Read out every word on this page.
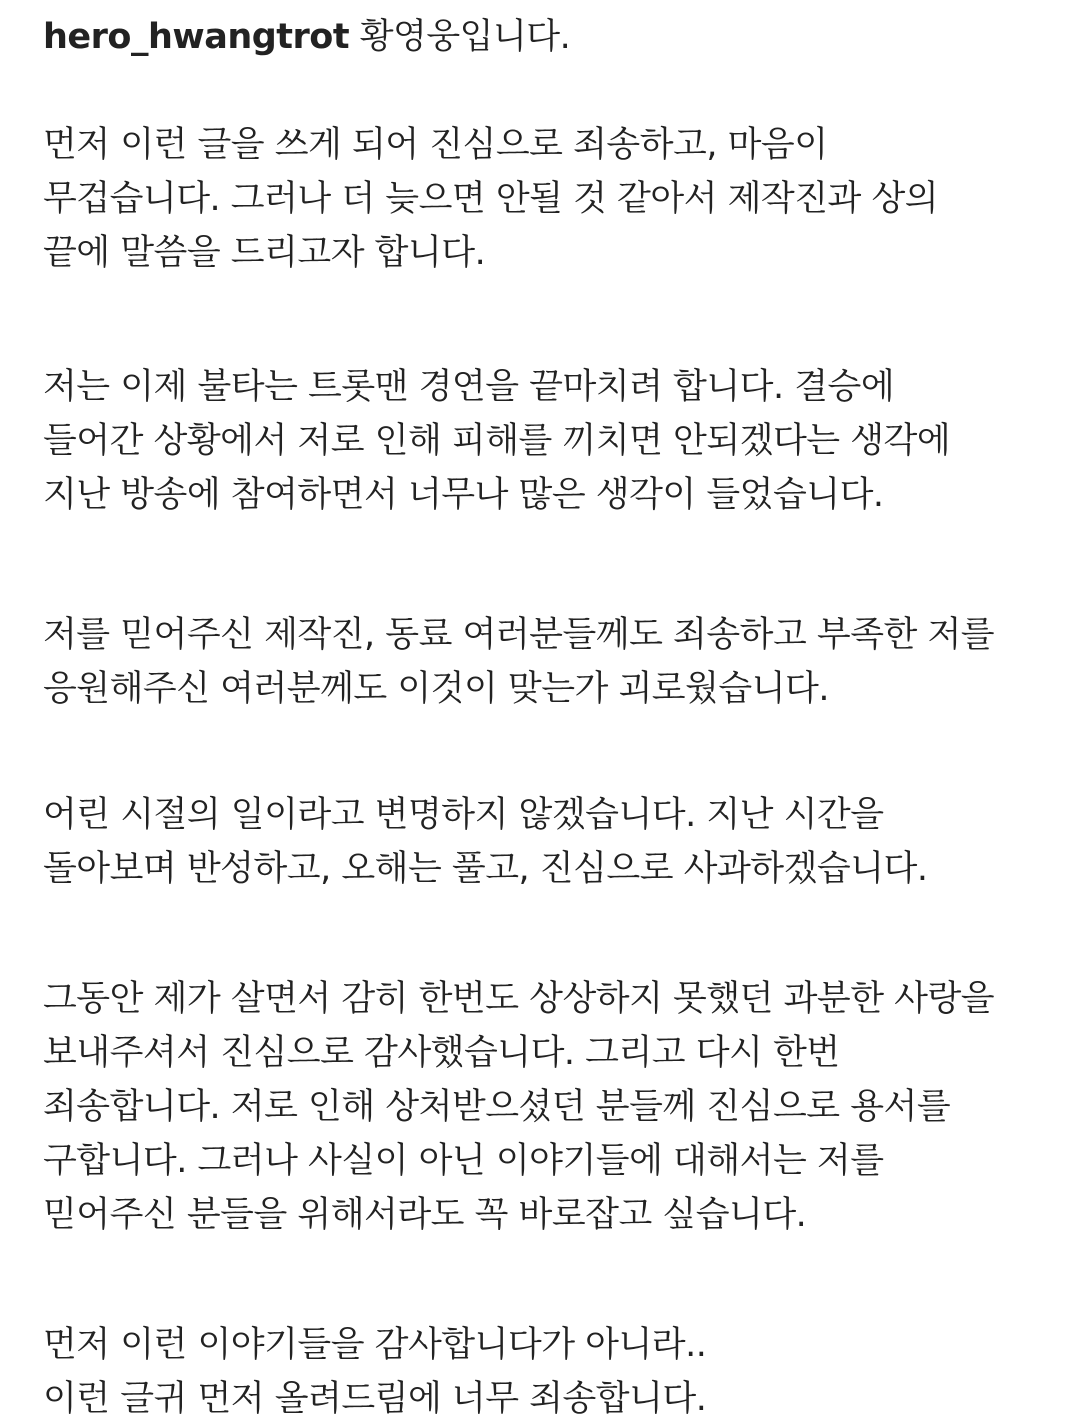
hero_hwangtrot 황영웅입니다.

먼저 이런 글을 쓰게 되어 진심으로 죄송하고, 마음이
무겁습니다. 그러나 더 늦으면 안될 것 같아서 제작진과 상의
끝에 말씀을 드리고자 합니다.

저는 이제 불타는 트롯맨 경연을 끝마치려 합니다. 결승에
들어간 상황에서 저로 인해 피해를 끼치면 안되겠다는 생각에
지난 방송에 참여하면서 너무나 많은 생각이 들었습니다.

저를 믿어주신 제작진, 동료 여러분들께도 죄송하고 부족한 저를
응원해주신 여러분께도 이것이 맞는가 괴로웠습니다.

어린 시절의 일이라고 변명하지 않겠습니다. 지난 시간을
돌아보며 반성하고, 오해는 풀고, 진심으로 사과하겠습니다.

그동안 제가 살면서 감히 한번도 상상하지 못했던 과분한 사랑을
보내주셔서 진심으로 감사했습니다. 그리고 다시 한번
죄송합니다. 저로 인해 상처받으셨던 분들께 진심으로 용서를
구합니다. 그러나 사실이 아닌 이야기들에 대해서는 저를
믿어주신 분들을 위해서라도 꼭 바로잡고 싶습니다.

먼저 이런 이야기들을 감사합니다가 아니라..
이런 글귀 먼저 올려드림에 너무 죄송합니다.
